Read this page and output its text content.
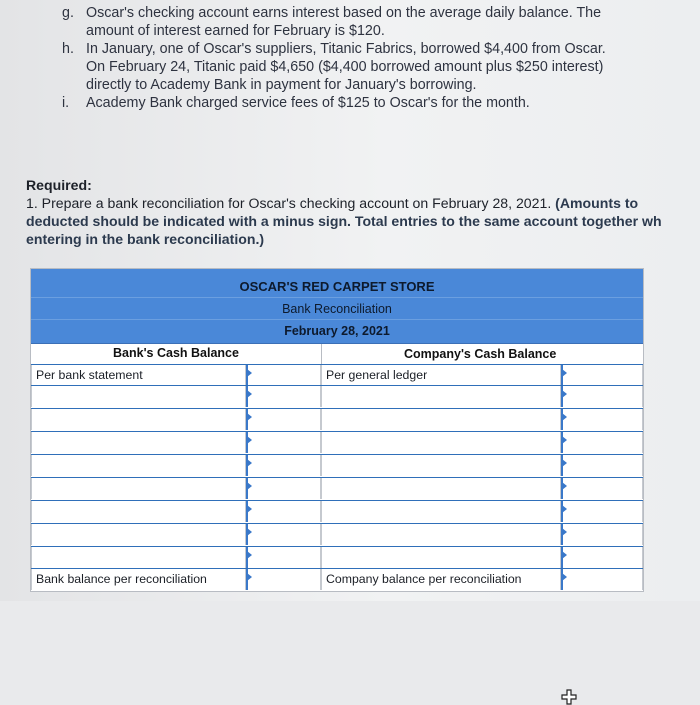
g. Oscar's checking account earns interest based on the average daily balance. The
amount of interest earned for February is $120.
h. In January, one of Oscar's suppliers, Titanic Fabrics, borrowed $4,400 from Oscar.
On February 24, Titanic paid $4,650 ($4,400 borrowed amount plus $250 interest)
directly to Academy Bank in payment for January's borrowing.
i. Academy Bank charged service fees of $125 to Oscar's for the month.
Required:
1. Prepare a bank reconciliation for Oscar's checking account on February 28, 2021. (Amounts to
deducted should be indicated with a minus sign. Total entries to the same account together wh
entering in the bank reconciliation.)
OSCAR'S RED CARPET STORE
Bank Reconciliation
February 28, 2021
Bank's Cash Balance	Company's Cash Balance
Per bank statement	Per general ledger
Bank balance per reconciliation	Company balance per reconciliation
